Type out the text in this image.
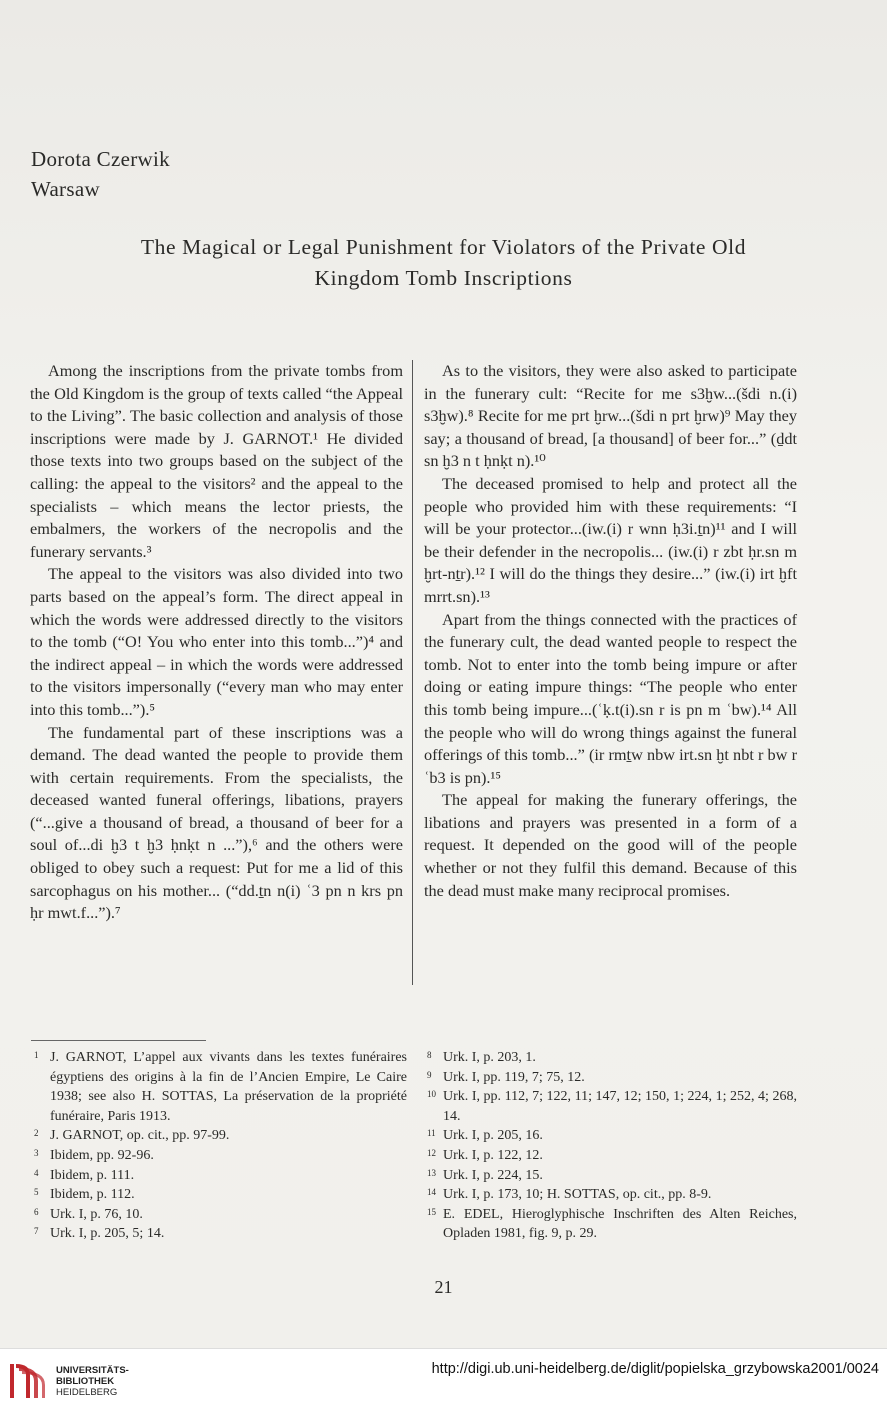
Dorota Czerwik
Warsaw
The Magical or Legal Punishment for Violators of the Private Old
Kingdom Tomb Inscriptions

Among the inscriptions from the private tombs from the Old Kingdom is the group of texts called “the Appeal to the Living”. The basic collection and analysis of those inscriptions were made by J. GARNOT.¹ He divided those texts into two groups based on the subject of the calling: the appeal to the visitors² and the appeal to the specialists – which means the lector priests, the embalmers, the workers of the necropolis and the funerary servants.³

The appeal to the visitors was also divided into two parts based on the appeal’s form. The direct appeal in which the words were addressed directly to the visitors to the tomb (“O! You who enter into this tomb...”)⁴ and the indirect appeal – in which the words were addressed to the visitors impersonally (“every man who may enter into this tomb...”).⁵

The fundamental part of these inscriptions was a demand. The dead wanted the people to provide them with certain requirements. From the specialists, the deceased wanted funeral offerings, libations, prayers (“...give a thousand of bread, a thousand of beer for a soul of...di ḫ3 t ḫ3 ḥnḳt n ...”),⁶ and the others were obliged to obey such a request: Put for me a lid of this sarcophagus on his mother... (“dd.ṯn n(i) ʿ3 pn n krs pn ḥr mwt.f...”).⁷

As to the visitors, they were also asked to participate in the funerary cult: “Recite for me s3ḫw...(šdi n.(i) s3ḫw).⁸ Recite for me prt ḫrw...(šdi n prt ḫrw)⁹ May they say; a thousand of bread, [a thousand] of beer for...” (ḏdt sn ḫ3 n t ḥnḳt n).¹⁰

The deceased promised to help and protect all the people who provided him with these requirements: “I will be your protector...(iw.(i) r wnn ḥ3i.ṯn)¹¹ and I will be their defender in the necropolis... (iw.(i) r zbt ḥr.sn m ḫrt-nṯr).¹² I will do the things they desire...” (iw.(i) irt ḫft mrrt.sn).¹³

Apart from the things connected with the practices of the funerary cult, the dead wanted people to respect the tomb. Not to enter into the tomb being impure or after doing or eating impure things: “The people who enter this tomb being impure...(ʿḳ.t(i).sn r is pn m ʿbw).¹⁴ All the people who will do wrong things against the funeral offerings of this tomb...” (ir rmṯw nbw irt.sn ḫt nbt r bw r ʿb3 is pn).¹⁵

The appeal for making the funerary offerings, the libations and prayers was presented in a form of a request. It depended on the good will of the people whether or not they fulfil this demand. Because of this the dead must make many reciprocal promises.

1 J. GARNOT, L’appel aux vivants dans les textes funéraires égyptiens des origins à la fin de l’Ancien Empire, Le Caire 1938; see also H. SOTTAS, La préservation de la propriété funéraire, Paris 1913.
2 J. GARNOT, op. cit., pp. 97-99.
3 Ibidem, pp. 92-96.
4 Ibidem, p. 111.
5 Ibidem, p. 112.
6 Urk. I, p. 76, 10.
7 Urk. I, p. 205, 5; 14.
8 Urk. I, p. 203, 1.
9 Urk. I, pp. 119, 7; 75, 12.
10 Urk. I, pp. 112, 7; 122, 11; 147, 12; 150, 1; 224, 1; 252, 4; 268, 14.
11 Urk. I, p. 205, 16.
12 Urk. I, p. 122, 12.
13 Urk. I, p. 224, 15.
14 Urk. I, p. 173, 10; H. SOTTAS, op. cit., pp. 8-9.
15 E. EDEL, Hieroglyphische Inschriften des Alten Reiches, Opladen 1981, fig. 9, p. 29.
21
UNIVERSITÄTS-
BIBLIOTHEK
HEIDELBERG
http://digi.ub.uni-heidelberg.de/diglit/popielska_grzybowska2001/0024
